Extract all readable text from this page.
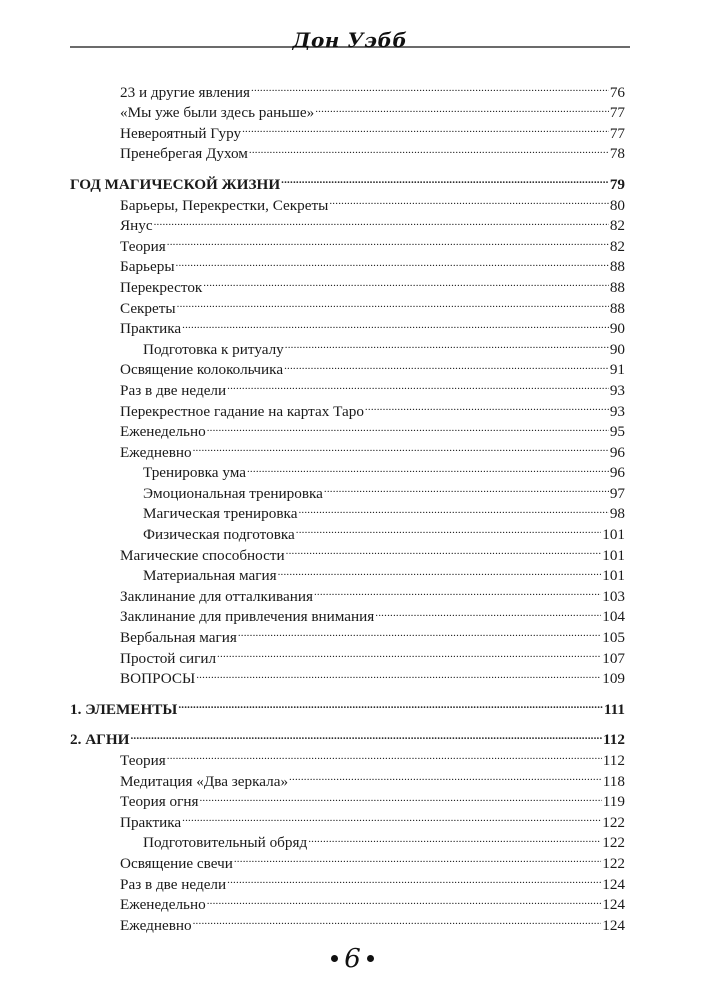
Дон Уэбб
23 и другие явления .....	76
«Мы уже были здесь раньше» .....	77
Невероятный Гуру .....	77
Пренебрегая Духом .....	78
ГОД МАГИЧЕСКОЙ ЖИЗНИ .....	79
Барьеры, Перекрестки, Секреты .....	80
Янус .....	82
Теория .....	82
Барьеры .....	88
Перекресток .....	88
Секреты .....	88
Практика .....	90
Подготовка к ритуалу .....	90
Освящение колокольчика .....	91
Раз в две недели .....	93
Перекрестное гадание на картах Таро .....	93
Еженедельно .....	95
Ежедневно .....	96
Тренировка ума .....	96
Эмоциональная тренировка .....	97
Магическая тренировка .....	98
Физическая подготовка .....	101
Магические способности .....	101
Материальная магия .....	101
Заклинание для отталкивания .....	103
Заклинание для привлечения внимания .....	104
Вербальная магия .....	105
Простой сигил .....	107
ВОПРОСЫ .....	109
1. ЭЛЕМЕНТЫ .....	111
2. АГНИ .....	112
Теория .....	112
Медитация «Два зеркала» .....	118
Теория огня .....	119
Практика .....	122
Подготовительный обряд .....	122
Освящение свечи .....	122
Раз в две недели .....	124
Еженедельно .....	124
Ежедневно .....	124
6
